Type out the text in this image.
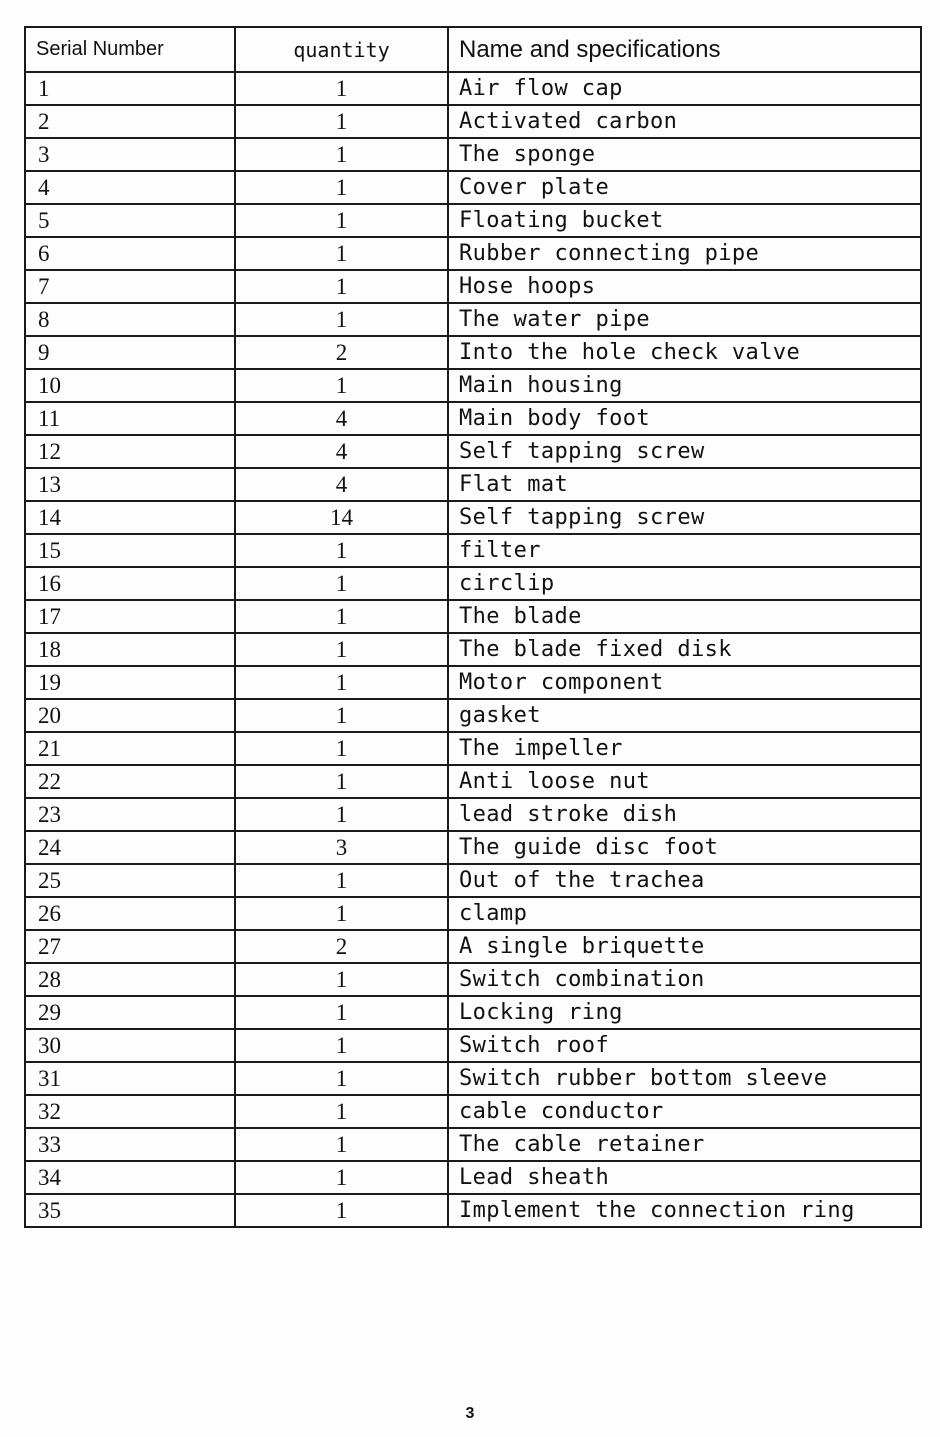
Serial Number	quantity	Name and specifications
1	1	Air flow cap
2	1	Activated carbon
3	1	The sponge
4	1	Cover plate
5	1	Floating bucket
6	1	Rubber connecting pipe
7	1	Hose hoops
8	1	The water pipe
9	2	Into the hole check valve
10	1	Main housing
11	4	Main body foot
12	4	Self tapping screw
13	4	Flat mat
14	14	Self tapping screw
15	1	filter
16	1	circlip
17	1	The blade
18	1	The blade fixed disk
19	1	Motor component
20	1	gasket
21	1	The impeller
22	1	Anti loose nut
23	1	lead stroke dish
24	3	The guide disc foot
25	1	Out of the trachea
26	1	clamp
27	2	A single briquette
28	1	Switch combination
29	1	Locking ring
30	1	Switch roof
31	1	Switch rubber bottom sleeve
32	1	cable conductor
33	1	The cable retainer
34	1	Lead sheath
35	1	Implement the connection ring
3
